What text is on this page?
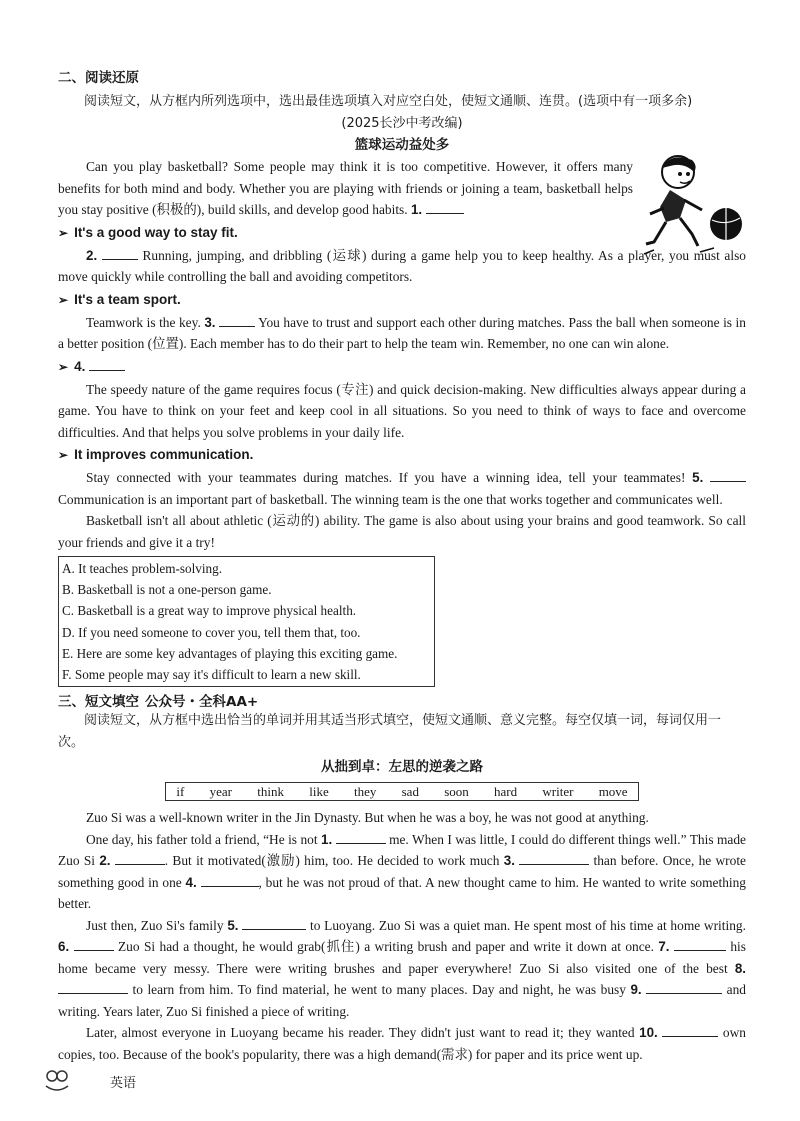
二、阅读还原
阅读短文，从方框内所列选项中，选出最佳选项填入对应空白处，使短文通顺、连贯。(选项中有一项多余)
(2025长沙中考改编)
篮球运动益处多

Can you play basketball? Some people may think it is too competitive. However, it offers many benefits for both mind and body. Whether you are playing with friends or joining a team, basketball helps you stay positive (积极的), build skills, and develop good habits. 1.

➢ It's a good way to stay fit.

2.	Running, jumping, and dribbling (运球) during a game help you to keep healthy. As a player, you must also move quickly while controlling the ball and avoiding competitors.

➢ It's a team sport.

Teamwork is the key. 3.	You have to trust and support each other during matches. Pass the ball when someone is in a better position (位置). Each member has to do their part to help the team win. Remember, no one can win alone.

➢ 4.

The speedy nature of the game requires focus (专注) and quick decision-making. New difficulties always appear during a game. You have to think on your feet and keep cool in all situations. So you need to think of ways to face and overcome difficulties. And that helps you solve problems in your daily life.

➢ It improves communication.

Stay connected with your teammates during matches. If you have a winning idea, tell your teammates! 5.  Communication is an important part of basketball. The winning team is the one that works together and communicates well.

Basketball isn't all about athletic (运动的) ability. The game is also about using your brains and good teamwork. So call your friends and give it a try!

A. It teaches problem-solving.
B. Basketball is not a one-person game.
C. Basketball is a great way to improve physical health.
D. If you need someone to cover you, tell them that, too.
E. Here are some key advantages of playing this exciting game.
F. Some people may say it's difficult to learn a new skill.
三、短文填空 公众号・全科AA+
阅读短文，从方框中选出恰当的单词并用其适当形式填空，使短文通顺、意义完整。每空仅填一词，每词仅用一次。
从拙到卓：左思的逆袭之路
if year think like they sad soon hard writer move

Zuo Si was a well-known writer in the Jin Dynasty. But when he was a boy, he was not good at anything.

One day, his father told a friend, “He is not 1.	me. When I was little, I could do different things well.” This made Zuo Si 2.	. But it motivated(激励) him, too. He decided to work much 3.	than before. Once, he wrote something good in one 4.	, but he was not proud of that. A new thought came to him. He wanted to write something better.

Just then, Zuo Si's family 5.	to Luoyang. Zuo Si was a quiet man. He spent most of his time at home writing. 6.	Zuo Si had a thought, he would grab(抓住) a writing brush and paper and write it down at once. 7.	his home became very messy. There were writing brushes and paper everywhere! Zuo Si also visited one of the best 8.  to learn from him. To find material, he went to many places. Day and night, he was busy 9.	and writing. Years later, Zuo Si finished a piece of writing.

Later, almost everyone in Luoyang became his reader. They didn't just want to read it; they wanted 10.	own copies, too. Because of the book's popularity, there was a high demand(需求) for paper and its price went up.

英语
